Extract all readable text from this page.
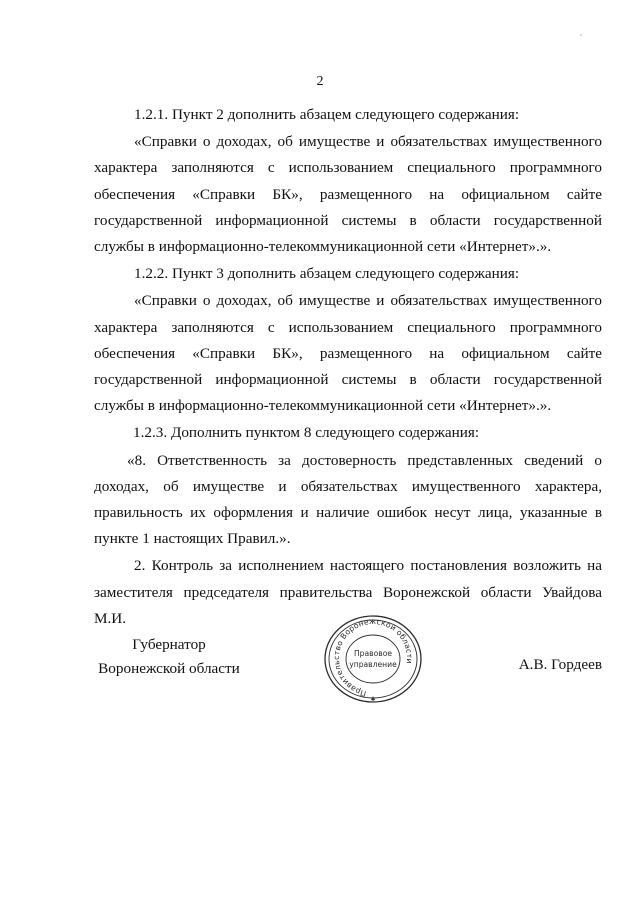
2

1.2.1. Пункт 2 дополнить абзацем следующего содержания:

«Справки о доходах, об имуществе и обязательствах имущественного характера заполняются с использованием специального программного обеспечения «Справки БК», размещенного на официальном сайте государственной информационной системы в области государственной службы в информационно-телекоммуникационной сети «Интернет».».

1.2.2. Пункт 3 дополнить абзацем следующего содержания:

«Справки о доходах, об имуществе и обязательствах имущественного характера заполняются с использованием специального программного обеспечения «Справки БК», размещенного на официальном сайте государственной информационной системы в области государственной службы в информационно-телекоммуникационной сети «Интернет».».

1.2.3. Дополнить пунктом 8 следующего содержания:

«8. Ответственность за достоверность представленных сведений о доходах, об имуществе и обязательствах имущественного характера, правильность их оформления и наличие ошибок несут лица, указанные в пункте 1 настоящих Правил.».

2. Контроль за исполнением настоящего постановления возложить на заместителя председателя правительства Воронежской области Увайдова М.И.

Губернатор
Воронежской области
Правительство Воронежской области
Правовое
управление
✱
А.В. Гордеев
